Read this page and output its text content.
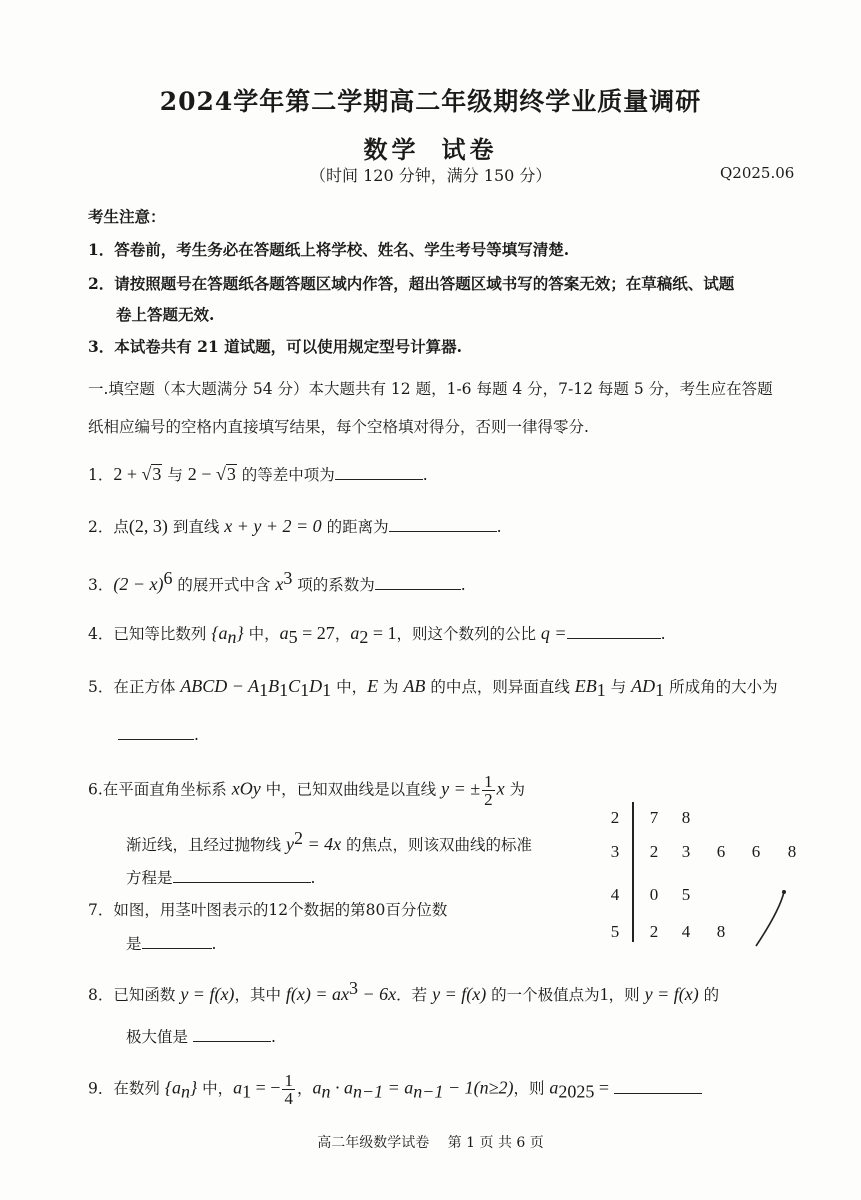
2024学年第二学期高二年级期终学业质量调研
数学 试卷
（时间 120 分钟，满分 150 分）	Q2025.06
考生注意：
1．答卷前，考生务必在答题纸上将学校、姓名、学生考号等填写清楚.
2．请按照题号在答题纸各题答题区域内作答，超出答题区域书写的答案无效；在草稿纸、试题
卷上答题无效.
3．本试卷共有 21 道试题，可以使用规定型号计算器.
一.填空题（本大题满分 54 分）本大题共有 12 题，1-6 每题 4 分，7-12 每题 5 分，考生应在答题
纸相应编号的空格内直接填写结果，每个空格填对得分，否则一律得零分.
1．2 + √3 与 2 − √3 的等差中项为	.
2．点(2, 3) 到直线 x + y + 2 = 0 的距离为	.
3．$(2 - x)^6$ 的展开式中含 $x^3$ 项的系数为	.
4．已知等比数列 $\{a_n\}$ 中，$a_5 = 27$，$a_2 = 1$，则这个数列的公比 q =	.
5．在正方体 ABCD − $A_1B_1C_1D_1$ 中，E 为 AB 的中点，则异面直线 $EB_1$ 与 $AD_1$ 所成角的大小为
.
6.在平面直角坐标系 xOy 中，已知双曲线是以直线 y = ± $\frac{1}{2}$ x 为
渐近线，且经过抛物线 $y^2 = 4x$ 的焦点，则该双曲线的标准
方程是	.
7．如图，用茎叶图表示的12个数据的第80百分位数
是	.
2 7 8
3 2 3 6 6 8
4 0 5
5 2 4 8
8．已知函数 y = f(x)，其中 $f(x) = ax^3 - 6x$．若 y = f(x) 的一个极值点为1，则 y = f(x) 的
极大值是	.
9．在数列 $\{a_n\}$ 中，$a_1$ = − $\frac{1}{4}$ ，$a_n \cdot a_{n-1} = a_{n-1} - 1(n\ge 2)$，则 $a_{2025}$ =
高二年级数学试卷　 第 1 页 共 6 页
